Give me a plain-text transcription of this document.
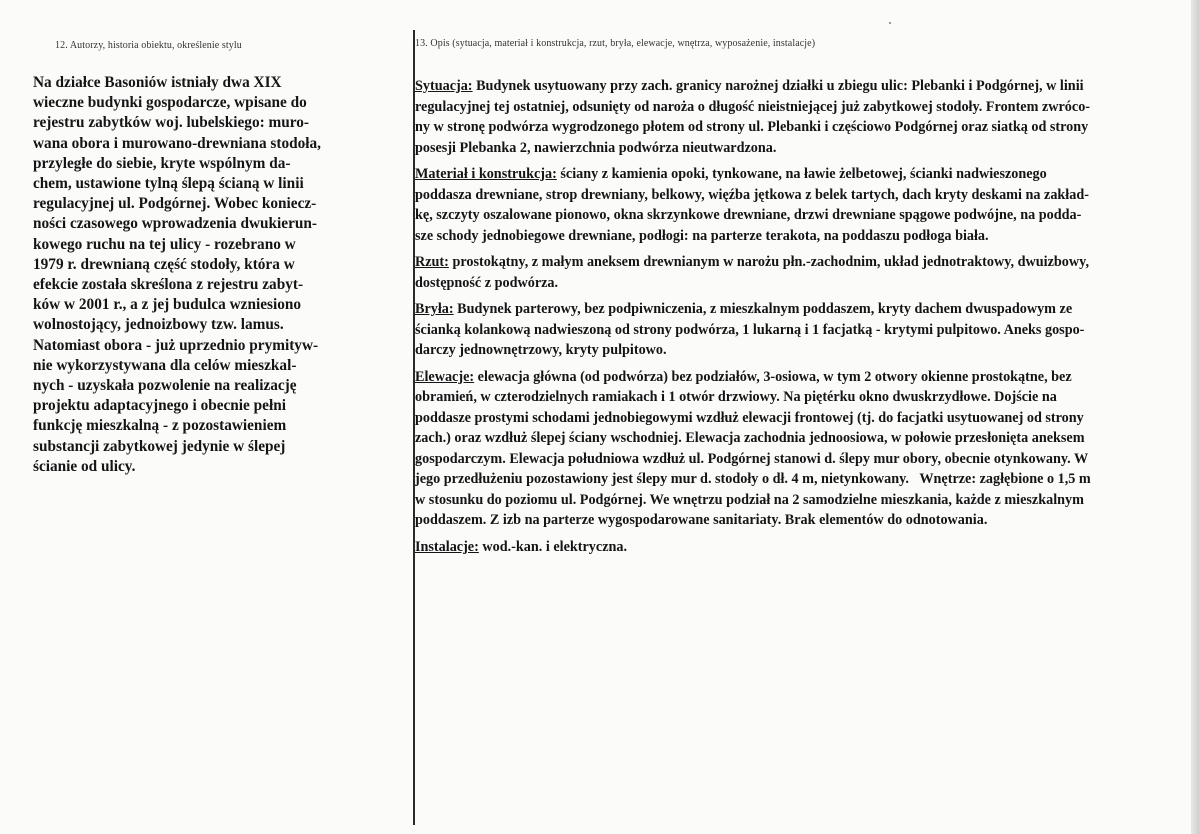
12. Autorzy, historia obiektu, określenie stylu	13. Opis (sytuacja, materiał i konstrukcja, rzut, bryła, elewacje, wnętrza, wyposażenie, instalacje)
Na działce Basoniów istniały dwa XIX
wieczne budynki gospodarcze, wpisane do
rejestru zabytków woj. lubelskiego: muro-
wana obora i murowano-drewniana stodoła,
przyległe do siebie, kryte wspólnym da-
chem, ustawione tylną ślepą ścianą w linii
regulacyjnej ul. Podgórnej. Wobec koniecz-
ności czasowego wprowadzenia dwukierun-
kowego ruchu na tej ulicy - rozebrano w
1979 r. drewnianą część stodoły, która w
efekcie została skreślona z rejestru zabyt-
ków w 2001 r., a z jej budulca wzniesiono
wolnostojący, jednoizbowy tzw. lamus.
Natomiast obora - już uprzednio prymityw-
nie wykorzystywana dla celów mieszkal-
nych - uzyskała pozwolenie na realizację
projektu adaptacyjnego i obecnie pełni
funkcję mieszkalną - z pozostawieniem
substancji zabytkowej jedynie w ślepej
ścianie od ulicy.
Sytuacja: Budynek usytuowany przy zach. granicy narożnej działki u zbiegu ulic: Plebanki i Podgórnej, w linii
regulacyjnej tej ostatniej, odsunięty od naroża o długość nieistniejącej już zabytkowej stodoły. Frontem zwróco-
ny w stronę podwórza wygrodzonego płotem od strony ul. Plebanki i częściowo Podgórnej oraz siatką od strony
posesji Plebanka 2, nawierzchnia podwórza nieutwardzona.
Materiał i konstrukcja: ściany z kamienia opoki, tynkowane, na ławie żelbetowej, ścianki nadwieszonego
poddasza drewniane, strop drewniany, belkowy, więźba jętkowa z belek tartych, dach kryty deskami na zakład-
kę, szczyty oszalowane pionowo, okna skrzynkowe drewniane, drzwi drewniane spągowe podwójne, na podda-
sze schody jednobiegowe drewniane, podłogi: na parterze terakota, na poddaszu podłoga biała.
Rzut: prostokątny, z małym aneksem drewnianym w narożu płn.-zachodnim, układ jednotraktowy, dwuizbowy,
dostępność z podwórza.
Bryła: Budynek parterowy, bez podpiwniczenia, z mieszkalnym poddaszem, kryty dachem dwuspadowym ze
ścianką kolankową nadwieszoną od strony podwórza, 1 lukarną i 1 facjatką - krytymi pulpitowo. Aneks gospo-
darczy jednownętrzowy, kryty pulpitowo.
Elewacje: elewacja główna (od podwórza) bez podziałów, 3-osiowa, w tym 2 otwory okienne prostokątne, bez
obramień, w czterodzielnych ramiakach i 1 otwór drzwiowy. Na piętérku okno dwuskrzydłowe. Dojście na
poddasze prostymi schodami jednobiegowymi wzdłuż elewacji frontowej (tj. do facjatki usytuowanej od strony
zach.) oraz wzdłuż ślepej ściany wschodniej. Elewacja zachodnia jednoosiowa, w połowie przesłonięta aneksem
gospodarczym. Elewacja południowa wzdłuż ul. Podgórnej stanowi d. ślepy mur obory, obecnie otynkowany. W
jego przedłużeniu pozostawiony jest ślepy mur d. stodoły o dł. 4 m, nietynkowany.   Wnętrze: zagłębione o 1,5 m
w stosunku do poziomu ul. Podgórnej. We wnętrzu podział na 2 samodzielne mieszkania, każde z mieszkalnym
poddaszem. Z izb na parterze wygospodarowane sanitariaty. Brak elementów do odnotowania.
Instalacje: wod.-kan. i elektryczna.
